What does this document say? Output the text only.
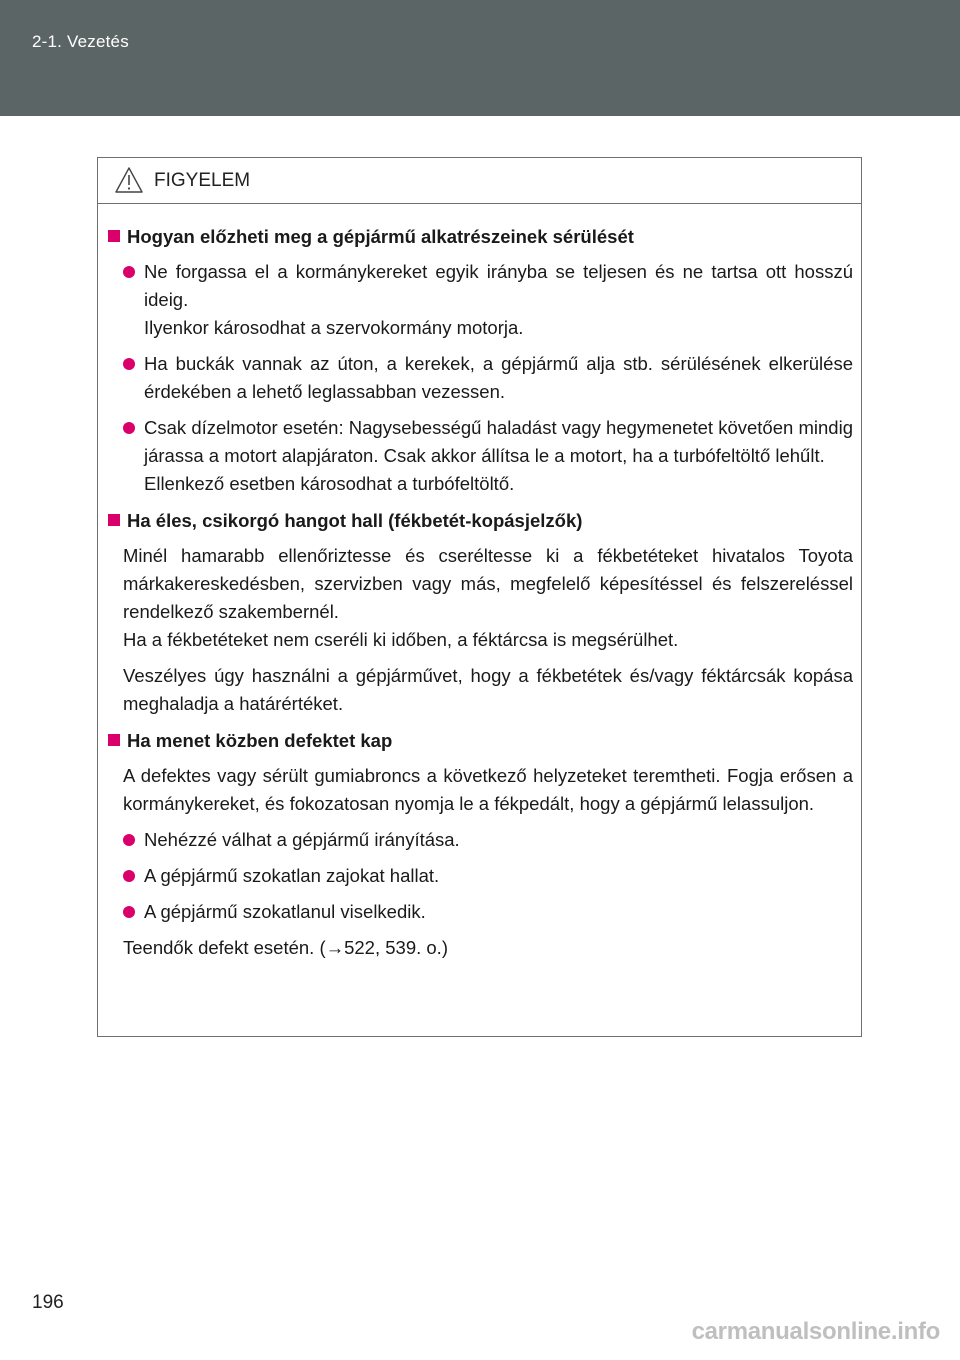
2-1. Vezetés
FIGYELEM
Hogyan előzheti meg a gépjármű alkatrészeinek sérülését
Ne forgassa el a kormánykereket egyik irányba se teljesen és ne tartsa ott hosszú ideig.
Ilyenkor károsodhat a szervokormány motorja.
Ha buckák vannak az úton, a kerekek, a gépjármű alja stb. sérülésének elkerülése érdekében a lehető leglassabban vezessen.
Csak dízelmotor esetén: Nagysebességű haladást vagy hegymenetet követően mindig járassa a motort alapjáraton. Csak akkor állítsa le a motort, ha a turbófeltöltő lehűlt.
Ellenkező esetben károsodhat a turbófeltöltő.
Ha éles, csikorgó hangot hall (fékbetét-kopásjelzők)
Minél hamarabb ellenőriztesse és cseréltesse ki a fékbetéteket hivatalos Toyota márkakereskedésben, szervizben vagy más, megfelelő képesítéssel és felszereléssel rendelkező szakembernél.
Ha a fékbetéteket nem cseréli ki időben, a féktárcsa is megsérülhet.
Veszélyes úgy használni a gépjárművet, hogy a fékbetétek és/vagy féktárcsák kopása meghaladja a határértéket.
Ha menet közben defektet kap
A defektes vagy sérült gumiabroncs a következő helyzeteket teremtheti. Fogja erősen a kormánykereket, és fokozatosan nyomja le a fékpedált, hogy a gépjármű lelassuljon.
Nehézzé válhat a gépjármű irányítása.
A gépjármű szokatlan zajokat hallat.
A gépjármű szokatlanul viselkedik.
Teendők defekt esetén. (→522, 539. o.)
196
carmanualsonline.info
